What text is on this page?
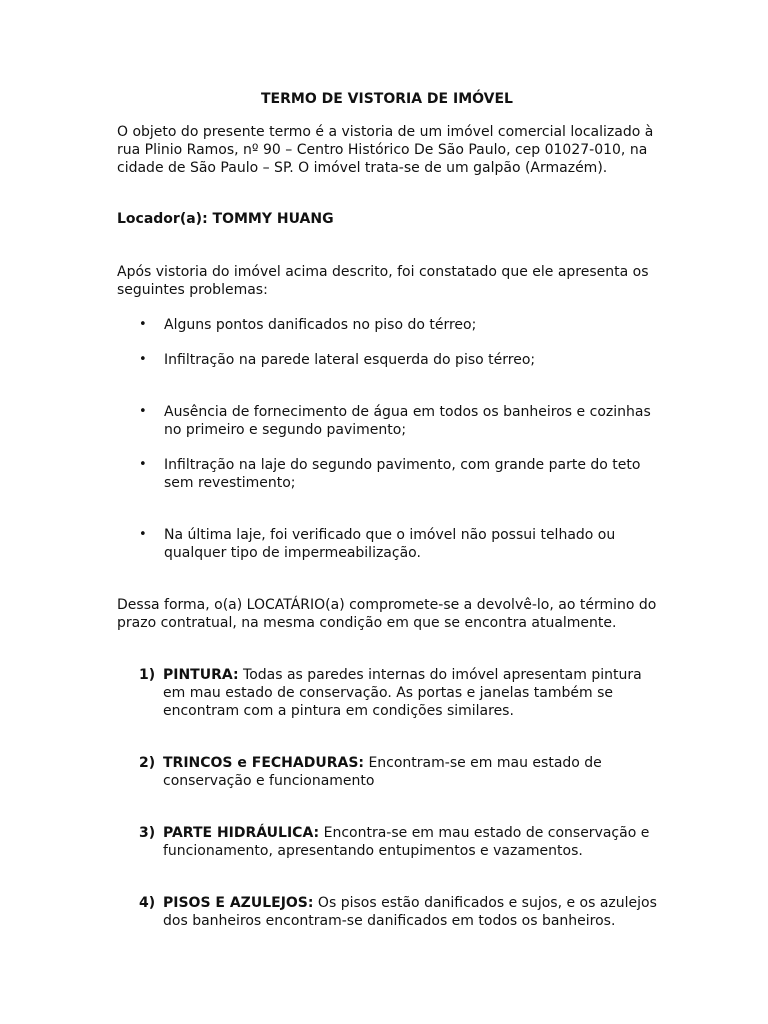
TERMO DE VISTORIA DE IMÓVEL
O objeto do presente termo é a vistoria de um imóvel comercial localizado à rua Plinio Ramos, nº 90 – Centro Histórico De São Paulo, cep 01027-010, na cidade de São Paulo – SP. O imóvel trata-se de um galpão (Armazém).
Locador(a): TOMMY HUANG
Após vistoria do imóvel acima descrito, foi constatado que ele apresenta os seguintes problemas:
• Alguns pontos danificados no piso do térreo;
• Infiltração na parede lateral esquerda do piso térreo;
• Ausência de fornecimento de água em todos os banheiros e cozinhas no primeiro e segundo pavimento;
• Infiltração na laje do segundo pavimento, com grande parte do teto sem revestimento;
• Na última laje, foi verificado que o imóvel não possui telhado ou qualquer tipo de impermeabilização.
Dessa forma, o(a) LOCATÁRIO(a) compromete-se a devolvê-lo, ao término do prazo contratual, na mesma condição em que se encontra atualmente.
1) PINTURA: Todas as paredes internas do imóvel apresentam pintura em mau estado de conservação. As portas e janelas também se encontram com a pintura em condições similares.
2) TRINCOS e FECHADURAS: Encontram-se em mau estado de conservação e funcionamento
3) PARTE HIDRÁULICA: Encontra-se em mau estado de conservação e funcionamento, apresentando entupimentos e vazamentos.
4) PISOS E AZULEJOS: Os pisos estão danificados e sujos, e os azulejos dos banheiros encontram-se danificados em todos os banheiros.
